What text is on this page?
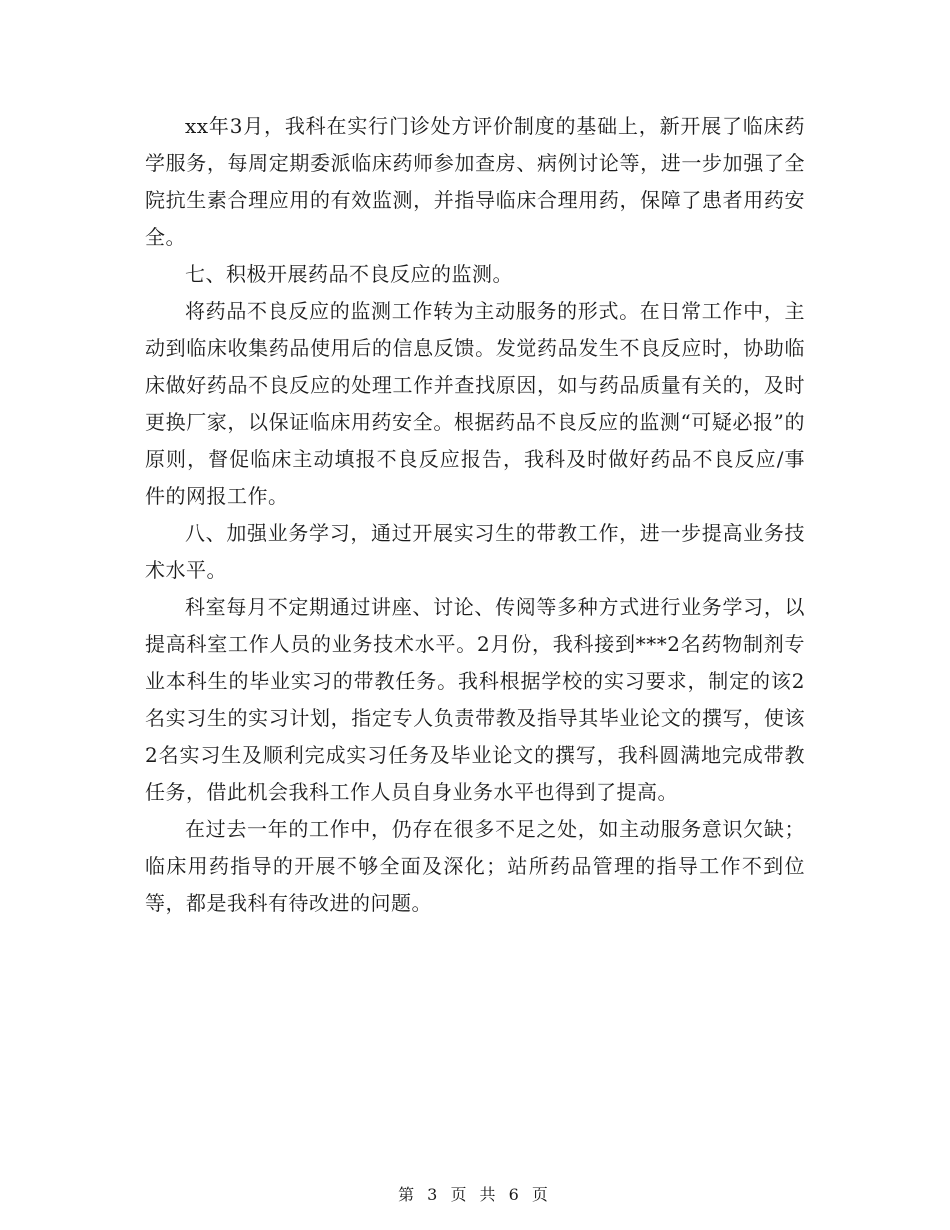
xx年3月，我科在实行门诊处方评价制度的基础上，新开展了临床药学服务，每周定期委派临床药师参加查房、病例讨论等，进一步加强了全院抗生素合理应用的有效监测，并指导临床合理用药，保障了患者用药安全。

七、积极开展药品不良反应的监测。

将药品不良反应的监测工作转为主动服务的形式。在日常工作中，主动到临床收集药品使用后的信息反馈。发觉药品发生不良反应时，协助临床做好药品不良反应的处理工作并查找原因，如与药品质量有关的，及时更换厂家，以保证临床用药安全。根据药品不良反应的监测“可疑必报”的原则，督促临床主动填报不良反应报告，我科及时做好药品不良反应/事件的网报工作。

八、加强业务学习，通过开展实习生的带教工作，进一步提高业务技术水平。

科室每月不定期通过讲座、讨论、传阅等多种方式进行业务学习，以提高科室工作人员的业务技术水平。2月份，我科接到***2名药物制剂专业本科生的毕业实习的带教任务。我科根据学校的实习要求，制定的该2名实习生的实习计划，指定专人负责带教及指导其毕业论文的撰写，使该2名实习生及顺利完成实习任务及毕业论文的撰写，我科圆满地完成带教任务，借此机会我科工作人员自身业务水平也得到了提高。

在过去一年的工作中，仍存在很多不足之处，如主动服务意识欠缺；临床用药指导的开展不够全面及深化；站所药品管理的指导工作不到位等，都是我科有待改进的问题。

第 3 页 共 6 页
